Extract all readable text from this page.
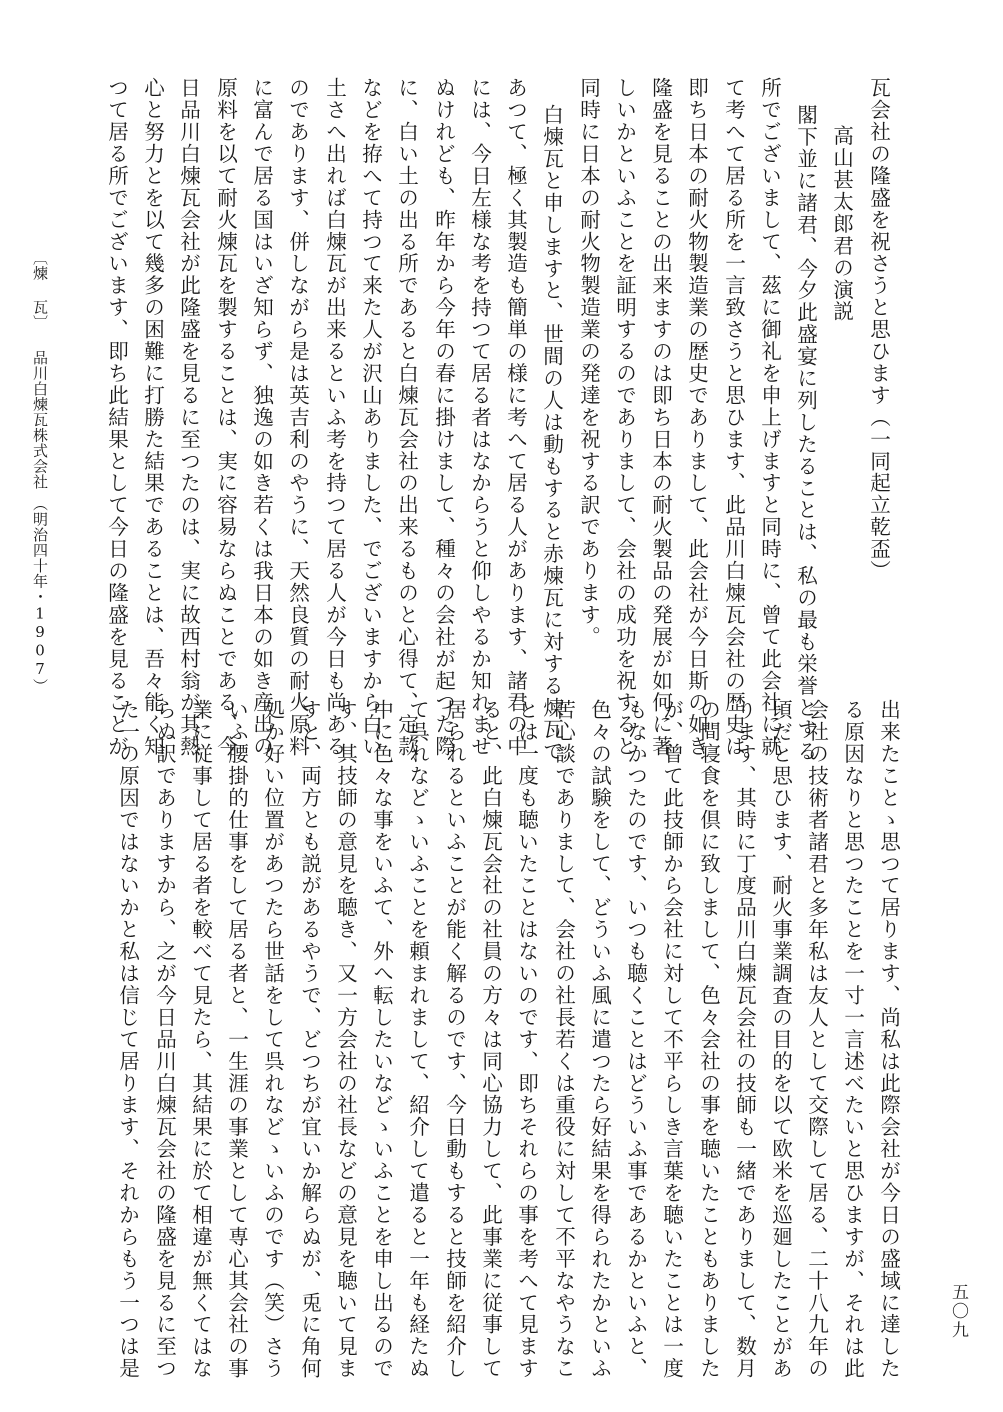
瓦会社の隆盛を祝さうと思ひます（一同起立乾盃）
高山甚太郎君の演説
閣下並に諸君、今夕此盛宴に列したることは、私の最も栄誉とする
所でございまして、茲に御礼を申上げますと同時に、曾て此会社に就
て考へて居る所を一言致さうと思ひます、此品川白煉瓦会社の歴史は
即ち日本の耐火物製造業の歴史でありまして、此会社が今日斯の如き
隆盛を見ることの出来ますのは即ち日本の耐火製品の発展が如何に著
しいかといふことを証明するのでありまして、会社の成功を祝すると
同時に日本の耐火物製造業の発達を祝する訳であります。
白煉瓦と申しますと、世間の人は動もすると赤煉瓦に対する煉瓦で
あつて、極く其製造も簡単の様に考へて居る人があります、諸君の中
には、今日左様な考を持つて居る者はなからうと仰しやるか知れませ
ぬけれども、昨年から今年の春に掛けまして、種々の会社が起つた際
に、白い土の出る所であると白煉瓦会社の出来るものと心得て、定款
などを拵へて持つて来た人が沢山ありました、でございますから白い
土さへ出れば白煉瓦が出来るといふ考を持つて居る人が今日も尚ある
のであります、併しながら是は英吉利のやうに、天然良質の耐火原料
に富んで居る国はいざ知らず、独逸の如き若くは我日本の如き産出の
原料を以て耐火煉瓦を製することは、実に容易ならぬことである、今
日品川白煉瓦会社が此隆盛を見るに至つたのは、実に故西村翁が其熱
心と努力とを以て幾多の困難に打勝た結果であることは、吾々能く知
つて居る所でございます、即ち此結果として今日の隆盛を見ることが
出来たことゝ思つて居ります、尚私は此際会社が今日の盛域に達した
る原因なりと思つたことを一寸一言述べたいと思ひますが、それは此
会社の技術者諸君と多年私は友人として交際して居る、二十八九年の
頃だと思ひます、耐火事業調査の目的を以て欧米を巡廻したことがあ
ります、其時に丁度品川白煉瓦会社の技師も一緒でありまして、数月
の間寝食を倶に致しまして、色々会社の事を聴いたこともありました
が、曾て此技師から会社に対して不平らしき言葉を聴いたことは一度
もなかつたのです、いつも聴くことはどういふ事であるかといふと、
色々の試験をして、どういふ風に遣つたら好結果を得られたかといふ
苦心談でありまして、会社の社長若くは重役に対して不平なやうなこ
とは一度も聴いたことはないのです、即ちそれらの事を考へて見ます
ると、此白煉瓦会社の社員の方々は同心協力して、此事業に従事して
居られるといふことが能く解るのです、今日動もすると技師を紹介し
て呉れなどゝいふことを頼まれまして、紹介して遣ると一年も経たぬ
中に色々な事をいふて、外へ転したいなどゝいふことを申し出るので
す、其技師の意見を聴き、又一方会社の社長などの意見を聴いて見ま
すと、両方とも説があるやうで、どつちが宜いか解らぬが、兎に角何
処か好い位置があつたら世話をして呉れなどゝいふのです（笑）さう
いふ腰掛的仕事をして居る者と、一生涯の事業として専心其会社の事
業に従事して居る者を較べて見たら、其結果に於て相違が無くてはな
らぬ訳でありますから、之が今日品川白煉瓦会社の隆盛を見るに至つ
た一の原因ではないかと私は信じて居ります、それからもう一つは是
〔煉 瓦〕
品川白煉瓦株式会社
（明治四十年・1907）
五〇九
